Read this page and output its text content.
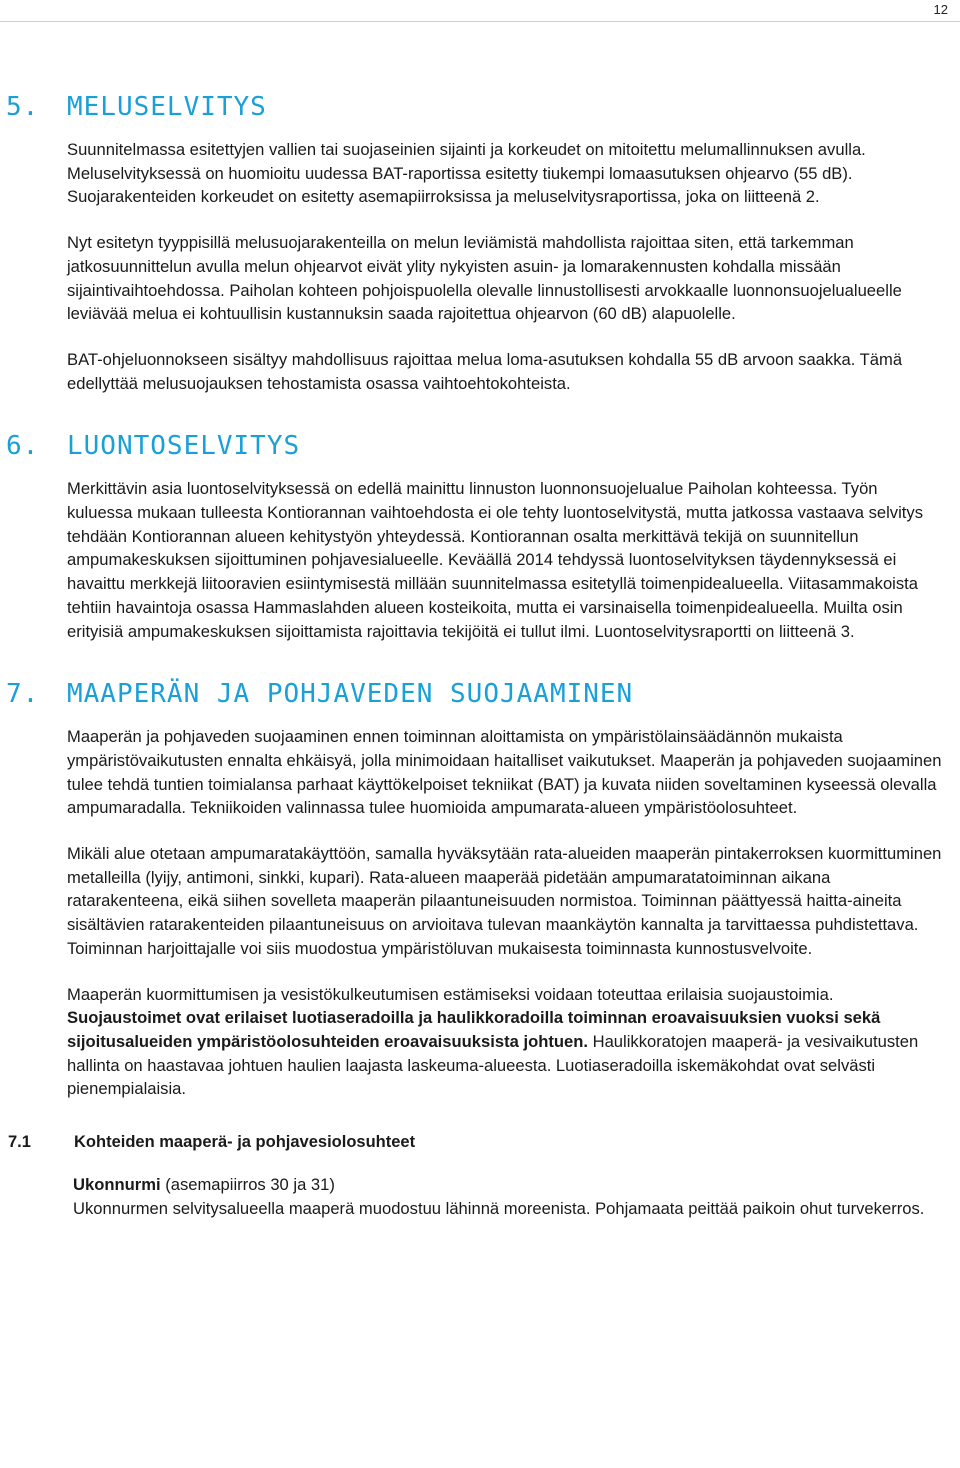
12
5. MELUSELVITYS

Suunnitelmassa esitettyjen vallien tai suojaseinien sijainti ja korkeudet on mitoitettu melumallinnuksen avulla. Meluselvityksessä on huomioitu uudessa BAT-raportissa esitetty tiukempi lomaasutuksen ohjearvo (55 dB). Suojarakenteiden korkeudet on esitetty asemapiirroksissa ja meluselvitysraportissa, joka on liitteenä 2.

Nyt esitetyn tyyppisillä melusuojarakenteilla on melun leviämistä mahdollista rajoittaa siten, että tarkemman jatkosuunnittelun avulla melun ohjearvot eivät ylity nykyisten asuin- ja lomarakennusten kohdalla missään sijaintivaihtoehdossa. Paiholan kohteen pohjoispuolella olevalle linnustollisesti arvokkaalle luonnonsuojelualueelle leviävää melua ei kohtuullisin kustannuksin saada rajoitettua ohjearvon (60 dB) alapuolelle.

BAT-ohjeluonnokseen sisältyy mahdollisuus rajoittaa melua loma-asutuksen kohdalla 55 dB arvoon saakka. Tämä edellyttää melusuojauksen tehostamista osassa vaihtoehtokohteista.

6. LUONTOSELVITYS

Merkittävin asia luontoselvityksessä on edellä mainittu linnuston luonnonsuojelualue Paiholan kohteessa. Työn kuluessa mukaan tulleesta Kontiorannan vaihtoehdosta ei ole tehty luontoselvitystä, mutta jatkossa vastaava selvitys tehdään Kontiorannan alueen kehitystyön yhteydessä. Kontiorannan osalta merkittävä tekijä on suunnitellun ampumakeskuksen sijoittuminen pohjavesialueelle. Keväällä 2014 tehdyssä luontoselvityksen täydennyksessä ei havaittu merkkejä liitooravien esiintymisestä millään suunnitelmassa esitetyllä toimenpidealueella. Viitasammakoista tehtiin havaintoja osassa Hammaslahden alueen kosteikoita, mutta ei varsinaisella toimenpidealueella. Muilta osin erityisiä ampumakeskuksen sijoittamista rajoittavia tekijöitä ei tullut ilmi. Luontoselvitysraportti on liitteenä 3.

7. MAAPERÄN JA POHJAVEDEN SUOJAAMINEN

Maaperän ja pohjaveden suojaaminen ennen toiminnan aloittamista on ympäristölainsäädännön mukaista ympäristövaikutusten ennalta ehkäisyä, jolla minimoidaan haitalliset vaikutukset. Maaperän ja pohjaveden suojaaminen tulee tehdä tuntien toimialansa parhaat käyttökelpoiset tekniikat (BAT) ja kuvata niiden soveltaminen kyseessä olevalla ampumaradalla. Tekniikoiden valinnassa tulee huomioida ampumarata-alueen ympäristöolosuhteet.

Mikäli alue otetaan ampumaratakäyttöön, samalla hyväksytään rata-alueiden maaperän pintakerroksen kuormittuminen metalleilla (lyijy, antimoni, sinkki, kupari). Rata-alueen maaperää pidetään ampumaratatoiminnan aikana ratarakenteena, eikä siihen sovelleta maaperän pilaantuneisuuden normistoa. Toiminnan päättyessä haitta-aineita sisältävien ratarakenteiden pilaantuneisuus on arvioitava tulevan maankäytön kannalta ja tarvittaessa puhdistettava. Toiminnan harjoittajalle voi siis muodostua ympäristöluvan mukaisesta toiminnasta kunnostusvelvoite.

Maaperän kuormittumisen ja vesistökulkeutumisen estämiseksi voidaan toteuttaa erilaisia suojaustoimia. Suojaustoimet ovat erilaiset luotiaseradoilla ja haulikkoradoilla toiminnan eroavaisuuksien vuoksi sekä sijoitusalueiden ympäristöolosuhteiden eroavaisuuksista johtuen. Haulikkoratojen maaperä- ja vesivaikutusten hallinta on haastavaa johtuen haulien laajasta laskeuma-alueesta. Luotiaseradoilla iskemäkohdat ovat selvästi pienempialaisia.

7.1	Kohteiden maaperä- ja pohjavesiolosuhteet

Ukonnurmi (asemapiirros 30 ja 31)
Ukonnurmen selvitysalueella maaperä muodostuu lähinnä moreenista. Pohjamaata peittää paikoin ohut turvekerros.
